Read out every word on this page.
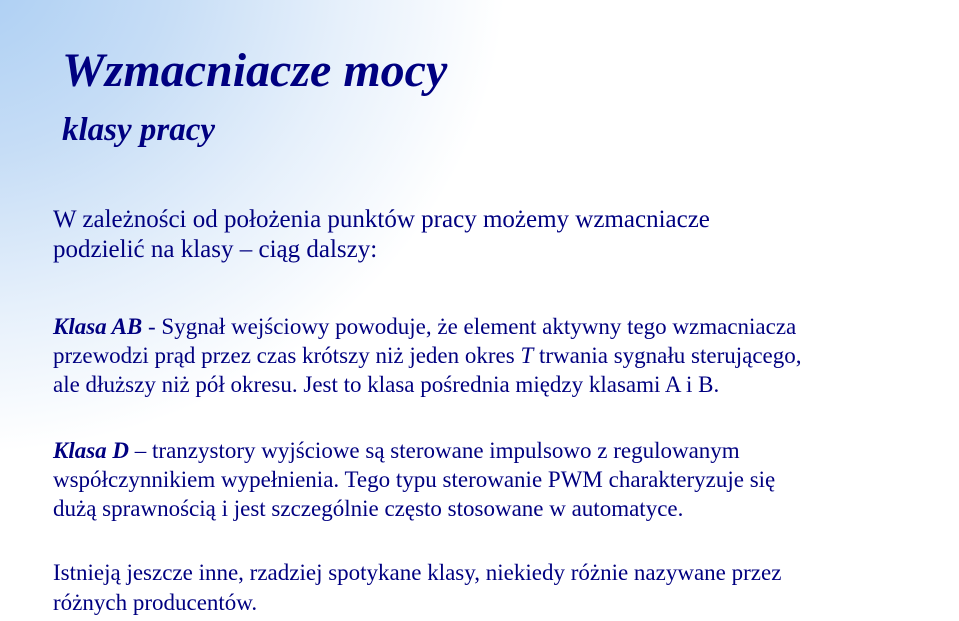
Wzmacniacze mocy
klasy pracy

W zależności od położenia punktów pracy możemy wzmacniacze
podzielić na klasy – ciąg dalszy:

Klasa AB - Sygnał wejściowy powoduje, że element aktywny tego wzmacniacza
przewodzi prąd przez czas krótszy niż jeden okres T trwania sygnału sterującego,
ale dłuższy niż pół okresu. Jest to klasa pośrednia między klasami A i B.

Klasa D – tranzystory wyjściowe są sterowane impulsowo z regulowanym
współczynnikiem wypełnienia. Tego typu sterowanie PWM charakteryzuje się
dużą sprawnością i jest szczególnie często stosowane w automatyce.

Istnieją jeszcze inne, rzadziej spotykane klasy, niekiedy różnie nazywane przez
różnych producentów.
